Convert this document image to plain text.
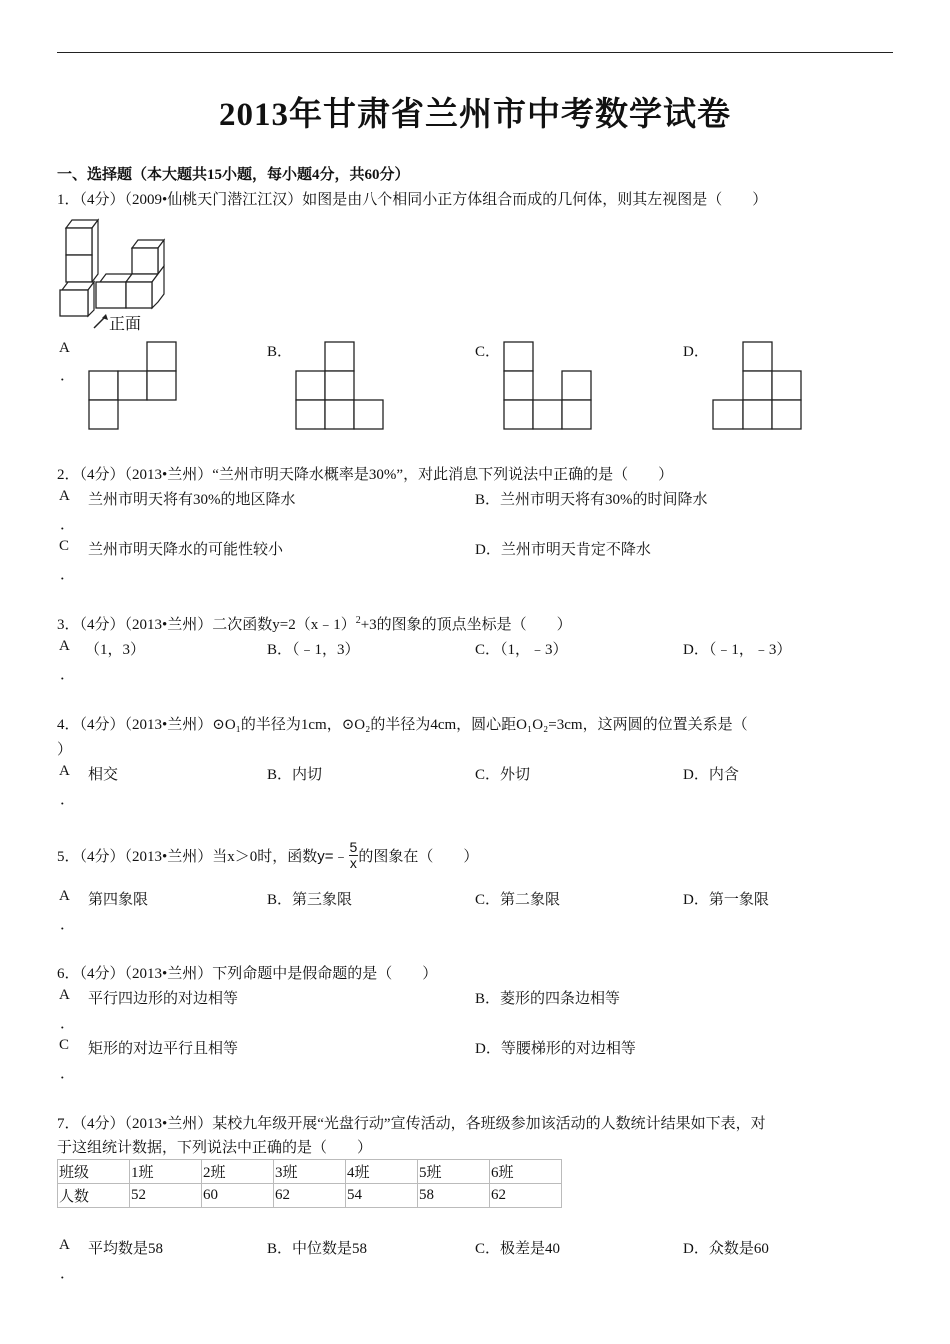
2013年甘肃省兰州市中考数学试卷
一、选择题（本大题共15小题，每小题4分，共60分）
1．（4分）（2009•仙桃天门潜江江汉）如图是由八个相同小正方体组合而成的几何体，则其左视图是（　　）
正面
A
．
B．	C．	D．
2．（4分）（2013•兰州）“兰州市明天降水概率是30%”，对此消息下列说法中正确的是（　　）
A 兰州市明天将有30%的地区降水
．
B．兰州市明天将有30%的时间降水
C 兰州市明天降水的可能性较小
．
D．兰州市明天肯定不降水
3．（4分）（2013•兰州）二次函数y=2（x﹣1）$^2$+3的图象的顶点坐标是（　　）
A （1，3）
．
B．（﹣1，3）	C．（1，﹣3）	D．（﹣1，﹣3）
4．（4分）（2013•兰州）⊙O₁的半径为1cm，⊙O₂的半径为4cm，圆心距O₁O₂=3cm，这两圆的位置关系是（
）
A 相交
．
B．内切	C．外切	D．内含
5．（4分）（2013•兰州）当x＞0时，函数y=﹣ $\frac{5}{x}$ 的图象在（　　）
A 第四象限
．
B．第三象限	C．第二象限	D．第一象限
6．（4分）（2013•兰州）下列命题中是假命题的是（　　）
A 平行四边形的对边相等
．
B．菱形的四条边相等
C 矩形的对边平行且相等
．
D．等腰梯形的对边相等
7．（4分）（2013•兰州）某校九年级开展“光盘行动”宣传活动，各班级参加该活动的人数统计结果如下表，对
于这组统计数据，下列说法中正确的是（　　）
班级	1班	2班	3班	4班	5班	6班
人数	52	60	62	54	58	62
A 平均数是58
．
B．中位数是58	C．极差是40	D．众数是60
